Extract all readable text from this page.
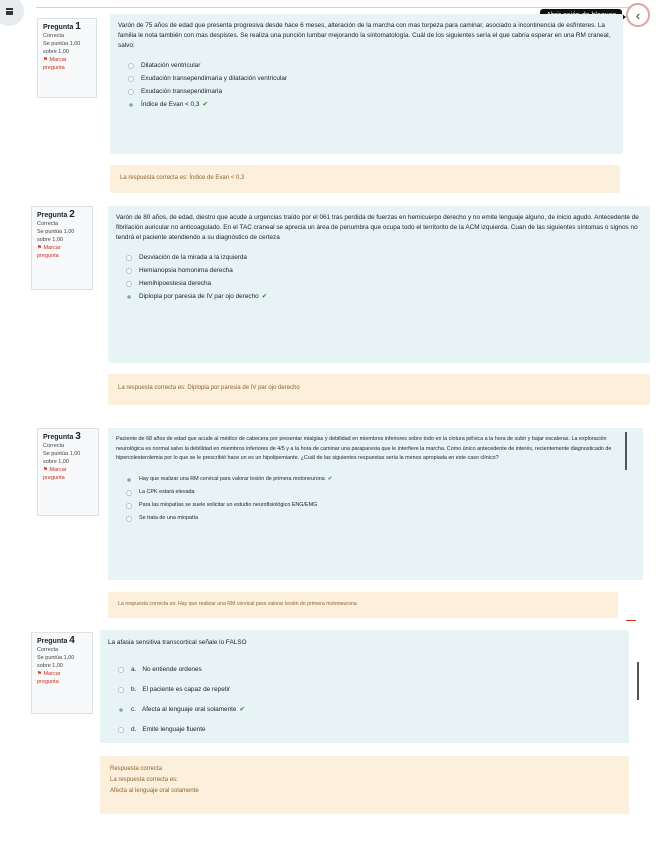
‹
Pregunta 1
Correcta
Se puntúa 1,00
sobre 1,00
⚑ Marcar
pregunta

Varón de 75 años de edad que presenta progresiva desde hace 6 meses, alteración de la marcha con mas torpeza para caminar, asociado a incontinencia de esfínteres. La familia le nota también con mas despistes. Se realiza una punción lumbar mejorando la sintomatología. Cuál de los siguientes sería el que cabría esperar en una RM craneal, salvo:

Dilatación ventricular
Exudación transependimaria y dilatación ventricular
Exudación transependimaria
Índice de Evan < 0,3 ✔
La respuesta correcta es: Índice de Evan < 0,3
Pregunta 2
Correcta
Se puntúa 1,00
sobre 1,00
⚑ Marcar
pregunta

Varón de 80 años, de edad, diestro que acude a urgencias traído por el 061 tras perdida de fuerzas en hemicuerpo derecho y no emite lenguaje alguno, de inicio agudo. Antecedente de fibrilación auricular no anticoagulado. En el TAC craneal se aprecia un área de penumbra que ocupa todo el territorito de la ACM izquierda. Cuan de las siguientes síntomas o signos no tendrá el paciente atendiendo a su diagnóstico de certeza

Desviación de la mirada a la izquierda
Hemianopsia homonima derecha
Hemihipoestesia derecha
Diplopia por paresia de IV par ojo derecho ✔
La respuesta correcta es: Diplopia por paresia de IV par ojo derecho
Pregunta 3
Correcta
Se puntúa 1,00
sobre 1,00
⚑ Marcar
pregunta

Paciente de 68 años de edad que acude al médico de cabecera por presentar mialgias y debilidad en miembros inferiores sobre todo en la cintura pélvica a la hora de subir y bajar escaleras. La exploración neurológica es normal salvo la debilidad en miembros inferiores de 4/5 y a la hora de caminar una paraparesia que le interfiere la marcha. Como único antecedente de interés, recientemente diagnosticado de hipercolesterolemia por lo que se le prescribió hace un es un hipolipemiante. ¿Cuál de las siguientes respuestas sería la menos apropiada en este caso clínico?

Hay que realizar una RM cervical para valorar lesión de primera motoneurona ✔
La CPK estará elevada
Para las miopatías se suele solicitar un estudio neurofisiológico ENG/EMG
Se trata de una miopatía
La respuesta correcta es: Hay que realizar una RM cervical para valorar lesión de primera motoneurona
Pregunta 4
Correcta
Se puntúa 1,00
sobre 1,00
⚑ Marcar
pregunta

La afasia sensitiva transcortical señale lo FALSO

a. No entiende ordenes
b. El paciente es capaz de repetir
c. Afecta al lenguaje oral solamente ✔
d. Emite lenguaje fluente
Respuesta correcta
La respuesta correcta es:
Afecta al lenguaje oral solamente
